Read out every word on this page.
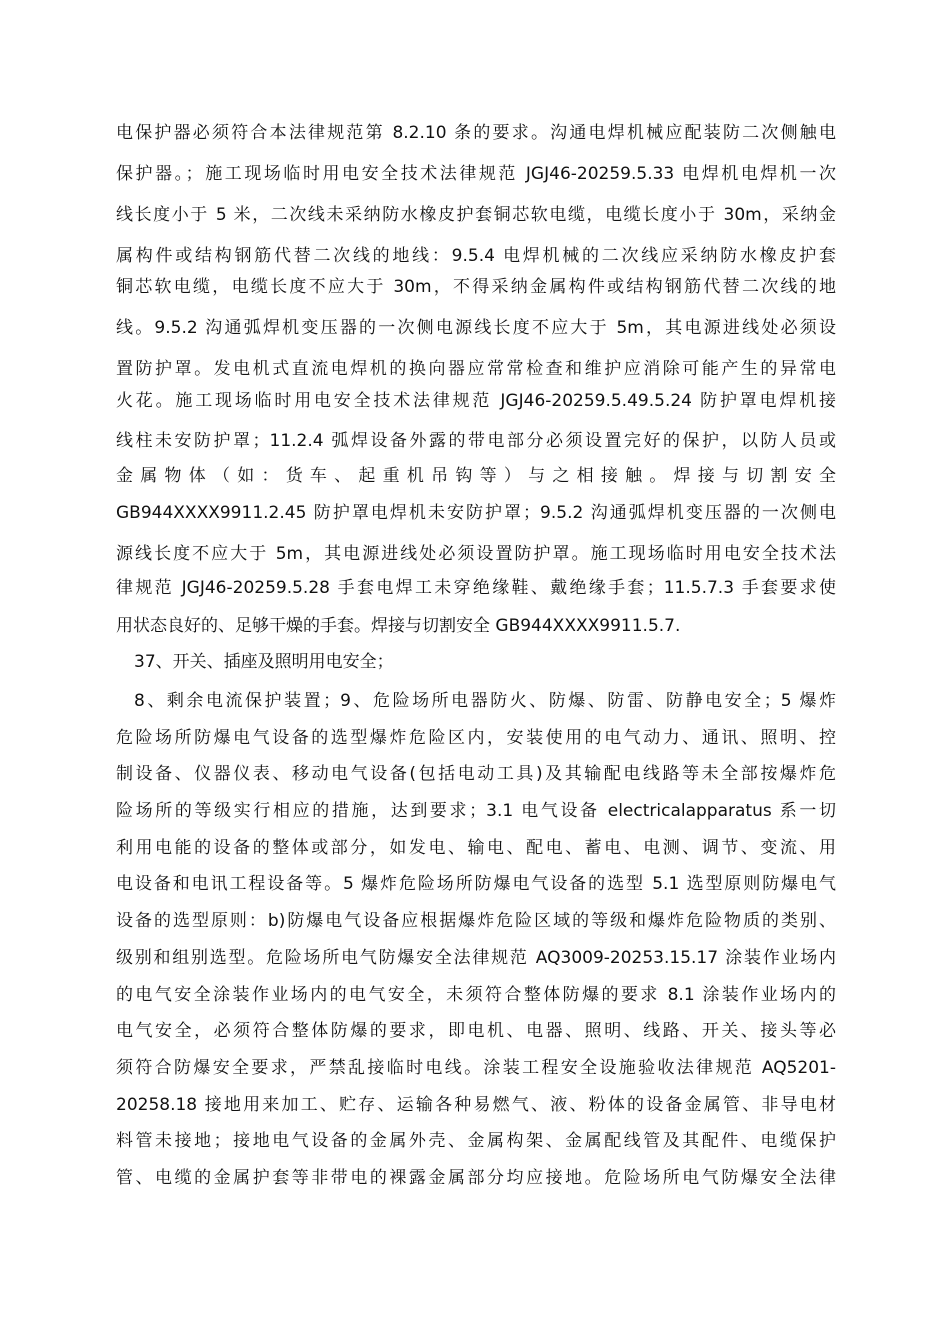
电保护器必须符合本法律规范第 8.2.10 条的要求。沟通电焊机械应配装防二次侧触电
保护器。；施工现场临时用电安全技术法律规范 JGJ46-20259.5.33 电焊机电焊机一次
线长度小于 5 米，二次线未采纳防水橡皮护套铜芯软电缆，电缆长度小于 30m，采纳金
属构件或结构钢筋代替二次线的地线：9.5.4 电焊机械的二次线应采纳防水橡皮护套
铜芯软电缆，电缆长度不应大于 30m，不得采纳金属构件或结构钢筋代替二次线的地
线。9.5.2 沟通弧焊机变压器的一次侧电源线长度不应大于 5m，其电源进线处必须设
置防护罩。发电机式直流电焊机的换向器应常常检查和维护应消除可能产生的异常电
火花。施工现场临时用电安全技术法律规范 JGJ46-20259.5.49.5.24 防护罩电焊机接
线柱未安防护罩；11.2.4 弧焊设备外露的带电部分必须设置完好的保护，以防人员或
金属物体（如：货车、起重机吊钩等）与之相接触。焊接与切割安全
GB944XXXX9911.2.45 防护罩电焊机未安防护罩；9.5.2 沟通弧焊机变压器的一次侧电
源线长度不应大于 5m，其电源进线处必须设置防护罩。施工现场临时用电安全技术法
律规范 JGJ46-20259.5.28 手套电焊工未穿绝缘鞋、戴绝缘手套；11.5.7.3 手套要求使
用状态良好的、足够干燥的手套。焊接与切割安全 GB944XXXX9911.5.7.
37、开关、插座及照明用电安全；
8、剩余电流保护装置；9、危险场所电器防火、防爆、防雷、防静电安全；5 爆炸
危险场所防爆电气设备的选型爆炸危险区内，安装使用的电气动力、通讯、照明、控
制设备、仪器仪表、移动电气设备(包括电动工具)及其输配电线路等未全部按爆炸危
险场所的等级实行相应的措施，达到要求；3.1 电气设备 electricalapparatus 系一切
利用电能的设备的整体或部分，如发电、输电、配电、蓄电、电测、调节、变流、用
电设备和电讯工程设备等。5 爆炸危险场所防爆电气设备的选型 5.1 选型原则防爆电气
设备的选型原则：b)防爆电气设备应根据爆炸危险区域的等级和爆炸危险物质的类别、
级别和组别选型。危险场所电气防爆安全法律规范 AQ3009-20253.15.17 涂装作业场内
的电气安全涂装作业场内的电气安全，未须符合整体防爆的要求 8.1 涂装作业场内的
电气安全，必须符合整体防爆的要求，即电机、电器、照明、线路、开关、接头等必
须符合防爆安全要求，严禁乱接临时电线。涂装工程安全设施验收法律规范 AQ5201-
20258.18 接地用来加工、贮存、运输各种易燃气、液、粉体的设备金属管、非导电材
料管未接地；接地电气设备的金属外壳、金属构架、金属配线管及其配件、电缆保护
管、电缆的金属护套等非带电的裸露金属部分均应接地。危险场所电气防爆安全法律
